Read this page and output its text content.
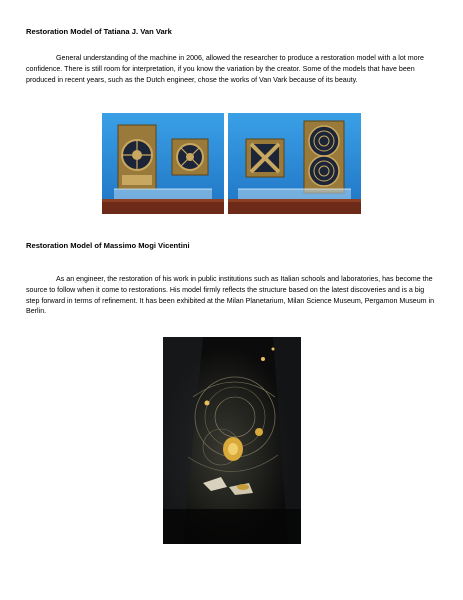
Restoration Model of Tatiana J. Van Vark

General understanding of the machine in 2006, allowed the researcher to produce a restoration model with a lot more confidence. There is still room for interpretation, if you know the variation by the creator. Some of the models that have been produced in recent years, such as the Dutch engineer, chose the works of Van Vark because of its beauty.

Restoration Model of Massimo Mogi Vicentini

As an engineer, the restoration of his work in public institutions such as Italian schools and laboratories, has become the source to follow when it come to restorations. His model firmly reflects the structure based on the latest discoveries and is a big step forward in terms of refinement. It has been exhibited at the Milan Planetarium, Milan Science Museum, Pergamon Museum in Berlin.
